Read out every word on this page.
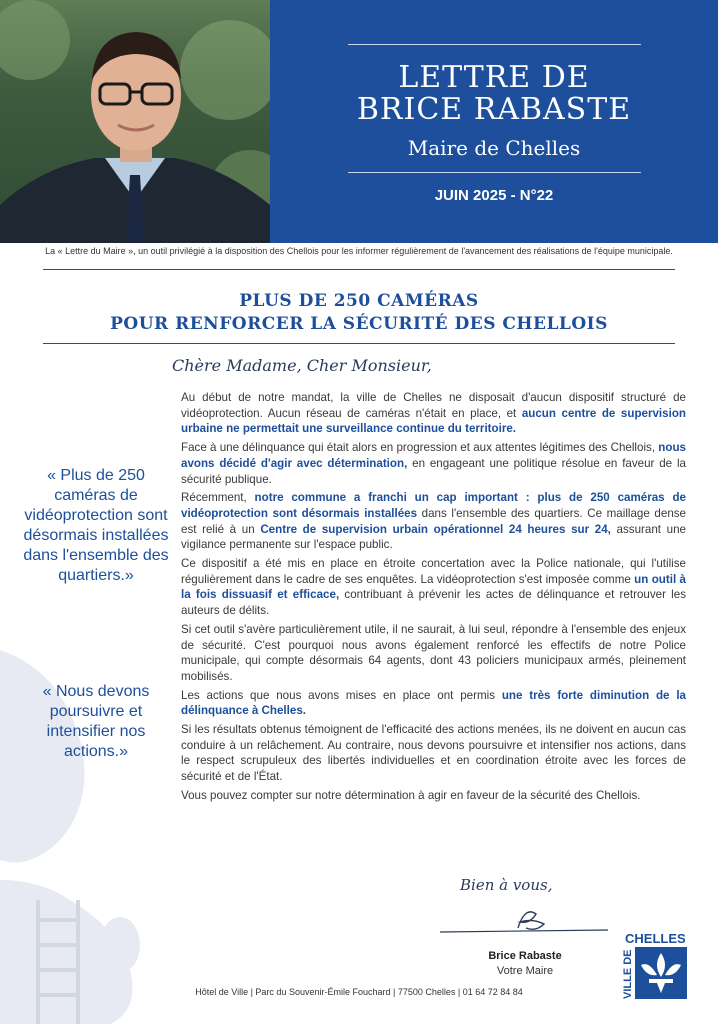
LETTRE DE
BRICE RABASTE
Maire de Chelles
JUIN 2025 - N°22
La « Lettre du Maire », un outil privilégié à la disposition des Chellois pour les informer régulièrement de l'avancement des réalisations de l'équipe municipale.
PLUS DE 250 CAMÉRAS
POUR RENFORCER LA SÉCURITÉ DES CHELLOIS
« Plus de 250 caméras de vidéoprotection sont désormais installées dans l'ensemble des quartiers.»
« Nous devons poursuivre et intensifier nos actions.»
Chère Madame, Cher Monsieur,

Au début de notre mandat, la ville de Chelles ne disposait d'aucun dispositif structuré de vidéoprotection. Aucun réseau de caméras n'était en place, et aucun centre de supervision urbaine ne permettait une surveillance continue du territoire.

Face à une délinquance qui était alors en progression et aux attentes légitimes des Chellois, nous avons décidé d'agir avec détermination, en engageant une politique résolue en faveur de la sécurité publique.

Récemment, notre commune a franchi un cap important : plus de 250 caméras de vidéoprotection sont désormais installées dans l'ensemble des quartiers. Ce maillage dense est relié à un Centre de supervision urbain opérationnel 24 heures sur 24, assurant une vigilance permanente sur l'espace public.

Ce dispositif a été mis en place en étroite concertation avec la Police nationale, qui l'utilise régulièrement dans le cadre de ses enquêtes. La vidéoprotection s'est imposée comme un outil à la fois dissuasif et efficace, contribuant à prévenir les actes de délinquance et retrouver les auteurs de délits.

Si cet outil s'avère particulièrement utile, il ne saurait, à lui seul, répondre à l'ensemble des enjeux de sécurité. C'est pourquoi nous avons également renforcé les effectifs de notre Police municipale, qui compte désormais 64 agents, dont 43 policiers municipaux armés, pleinement mobilisés.

Les actions que nous avons mises en place ont permis une très forte diminution de la délinquance à Chelles.

Si les résultats obtenus témoignent de l'efficacité des actions menées, ils ne doivent en aucun cas conduire à un relâchement. Au contraire, nous devons poursuivre et intensifier nos actions, dans le respect scrupuleux des libertés individuelles et en coordination étroite avec les forces de sécurité et de l'État.

Vous pouvez compter sur notre détermination à agir en faveur de la sécurité des Chellois.

Bien à vous,
Brice Rabaste
Votre Maire
Hôtel de Ville | Parc du Souvenir-Émile Fouchard | 77500 Chelles | 01 64 72 84 84
CHELLES
VILLE DE
